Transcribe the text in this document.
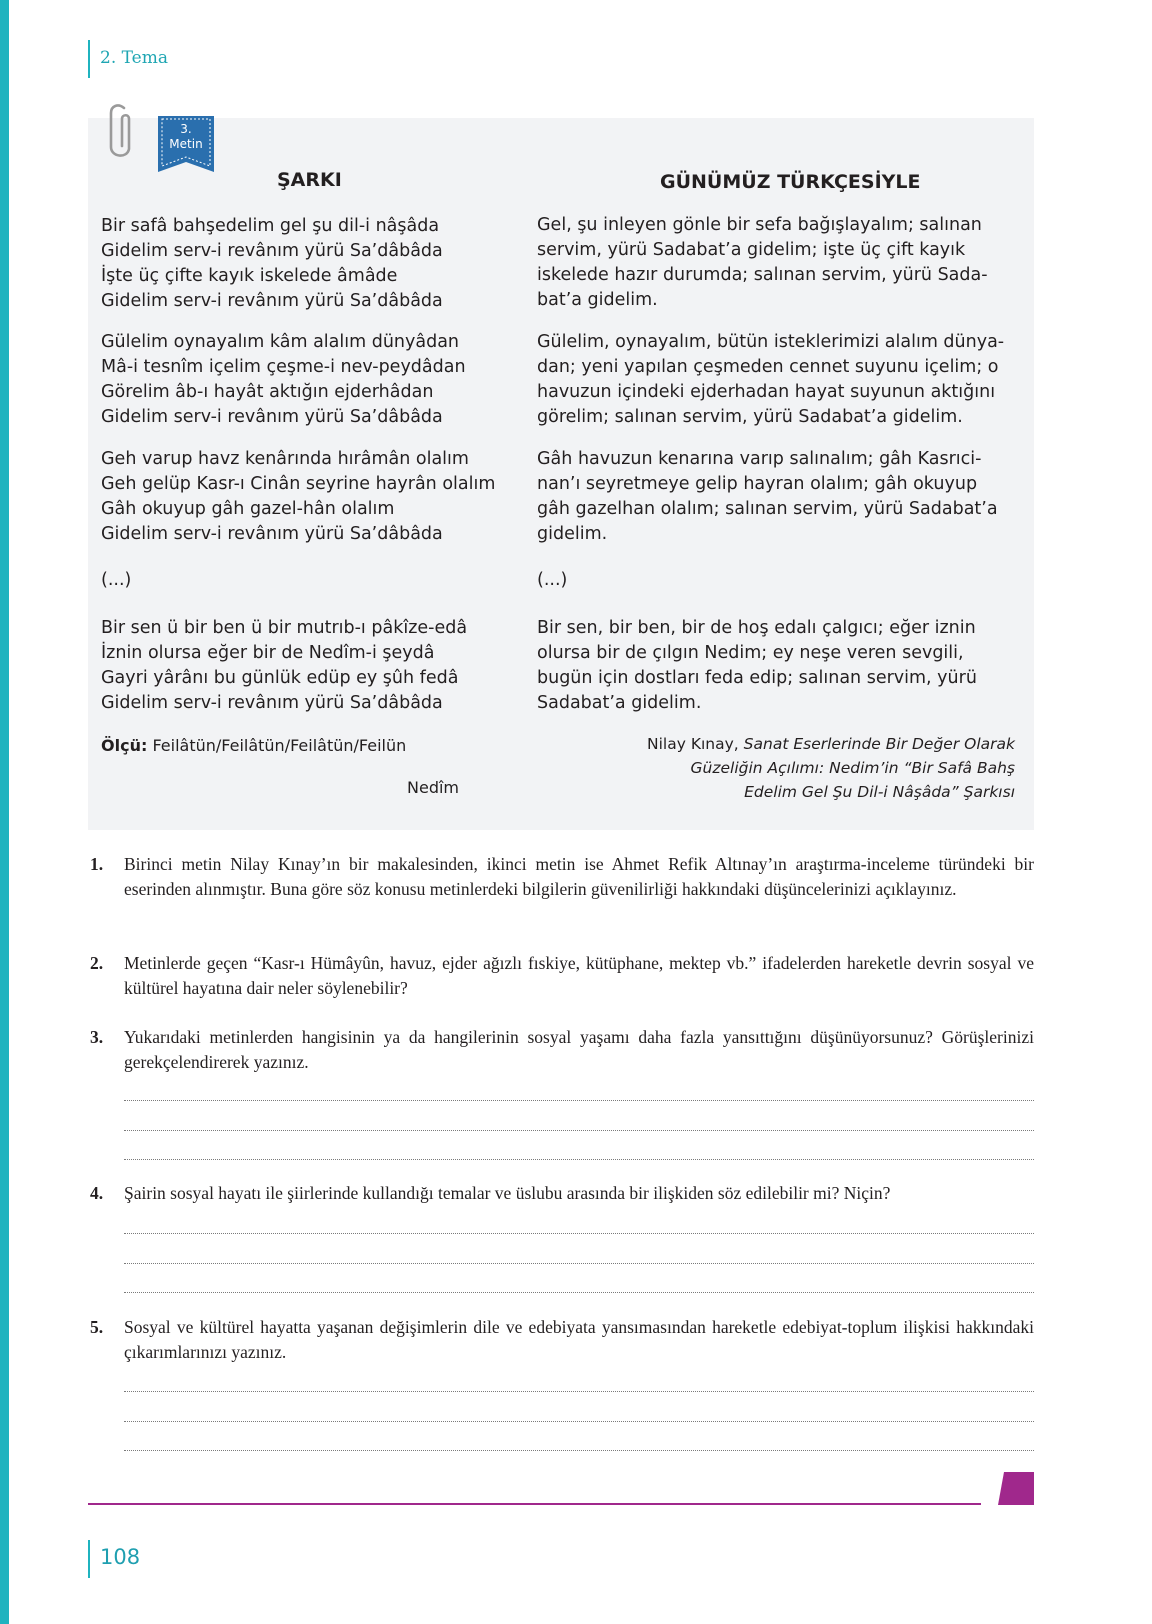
2. Tema
3.
Metin
ŞARKI	GÜNÜMÜZ TÜRKÇESİYLE
Bir safâ bahşedelim gel şu dil-i nâşâda
Gidelim serv-i revânım yürü Sa’dâbâda
İşte üç çifte kayık iskelede âmâde
Gidelim serv-i revânım yürü Sa’dâbâda
Gülelim oynayalım kâm alalım dünyâdan
Mâ-i tesnîm içelim çeşme-i nev-peydâdan
Görelim âb-ı hayât aktığın ejderhâdan
Gidelim serv-i revânım yürü Sa’dâbâda
Geh varup havz kenârında hırâmân olalım
Geh gelüp Kasr-ı Cinân seyrine hayrân olalım
Gâh okuyup gâh gazel-hân olalım
Gidelim serv-i revânım yürü Sa’dâbâda
(...)
Bir sen ü bir ben ü bir mutrıb-ı pâkîze-edâ
İznin olursa eğer bir de Nedîm-i şeydâ
Gayri yârânı bu günlük edüp ey şûh fedâ
Gidelim serv-i revânım yürü Sa’dâbâda
Ölçü: Feilâtün/Feilâtün/Feilâtün/Feilün
Nedîm
Gel, şu inleyen gönle bir sefa bağışlayalım; salınan
servim, yürü Sadabat’a gidelim; işte üç çift kayık
iskelede hazır durumda; salınan servim, yürü Sada-
bat’a gidelim.
Gülelim, oynayalım, bütün isteklerimizi alalım dünya-
dan; yeni yapılan çeşmeden cennet suyunu içelim; o
havuzun içindeki ejderhadan hayat suyunun aktığını
görelim; salınan servim, yürü Sadabat’a gidelim.
Gâh havuzun kenarına varıp salınalım; gâh Kasrıci-
nan’ı seyretmeye gelip hayran olalım; gâh okuyup
gâh gazelhan olalım; salınan servim, yürü Sadabat’a
gidelim.
(...)
Bir sen, bir ben, bir de hoş edalı çalgıcı; eğer iznin
olursa bir de çılgın Nedim; ey neşe veren sevgili,
bugün için dostları feda edip; salınan servim, yürü
Sadabat’a gidelim.
Nilay Kınay, Sanat Eserlerinde Bir Değer Olarak
Güzeliğin Açılımı: Nedim’in “Bir Safâ Bahş
Edelim Gel Şu Dil-i Nâşâda” Şarkısı
1.	Birinci metin Nilay Kınay’ın bir makalesinden, ikinci metin ise Ahmet Refik Altınay’ın araştırma-inceleme türündeki bir eserinden alınmıştır. Buna göre söz konusu metinlerdeki bilgilerin güvenilirliği hakkındaki düşüncelerinizi açıklayınız.
2.	Metinlerde geçen “Kasr-ı Hümâyûn, havuz, ejder ağızlı fıskiye, kütüphane, mektep vb.” ifadelerden hareketle devrin sosyal ve kültürel hayatına dair neler söylenebilir?
3.	Yukarıdaki metinlerden hangisinin ya da hangilerinin sosyal yaşamı daha fazla yansıttığını düşünüyorsunuz? Görüşlerinizi gerekçelendirerek yazınız.
4.	Şairin sosyal hayatı ile şiirlerinde kullandığı temalar ve üslubu arasında bir ilişkiden söz edilebilir mi? Niçin?
5.	Sosyal ve kültürel hayatta yaşanan değişimlerin dile ve edebiyata yansımasından hareketle edebiyat-toplum ilişkisi hakkındaki çıkarımlarınızı yazınız.
108
